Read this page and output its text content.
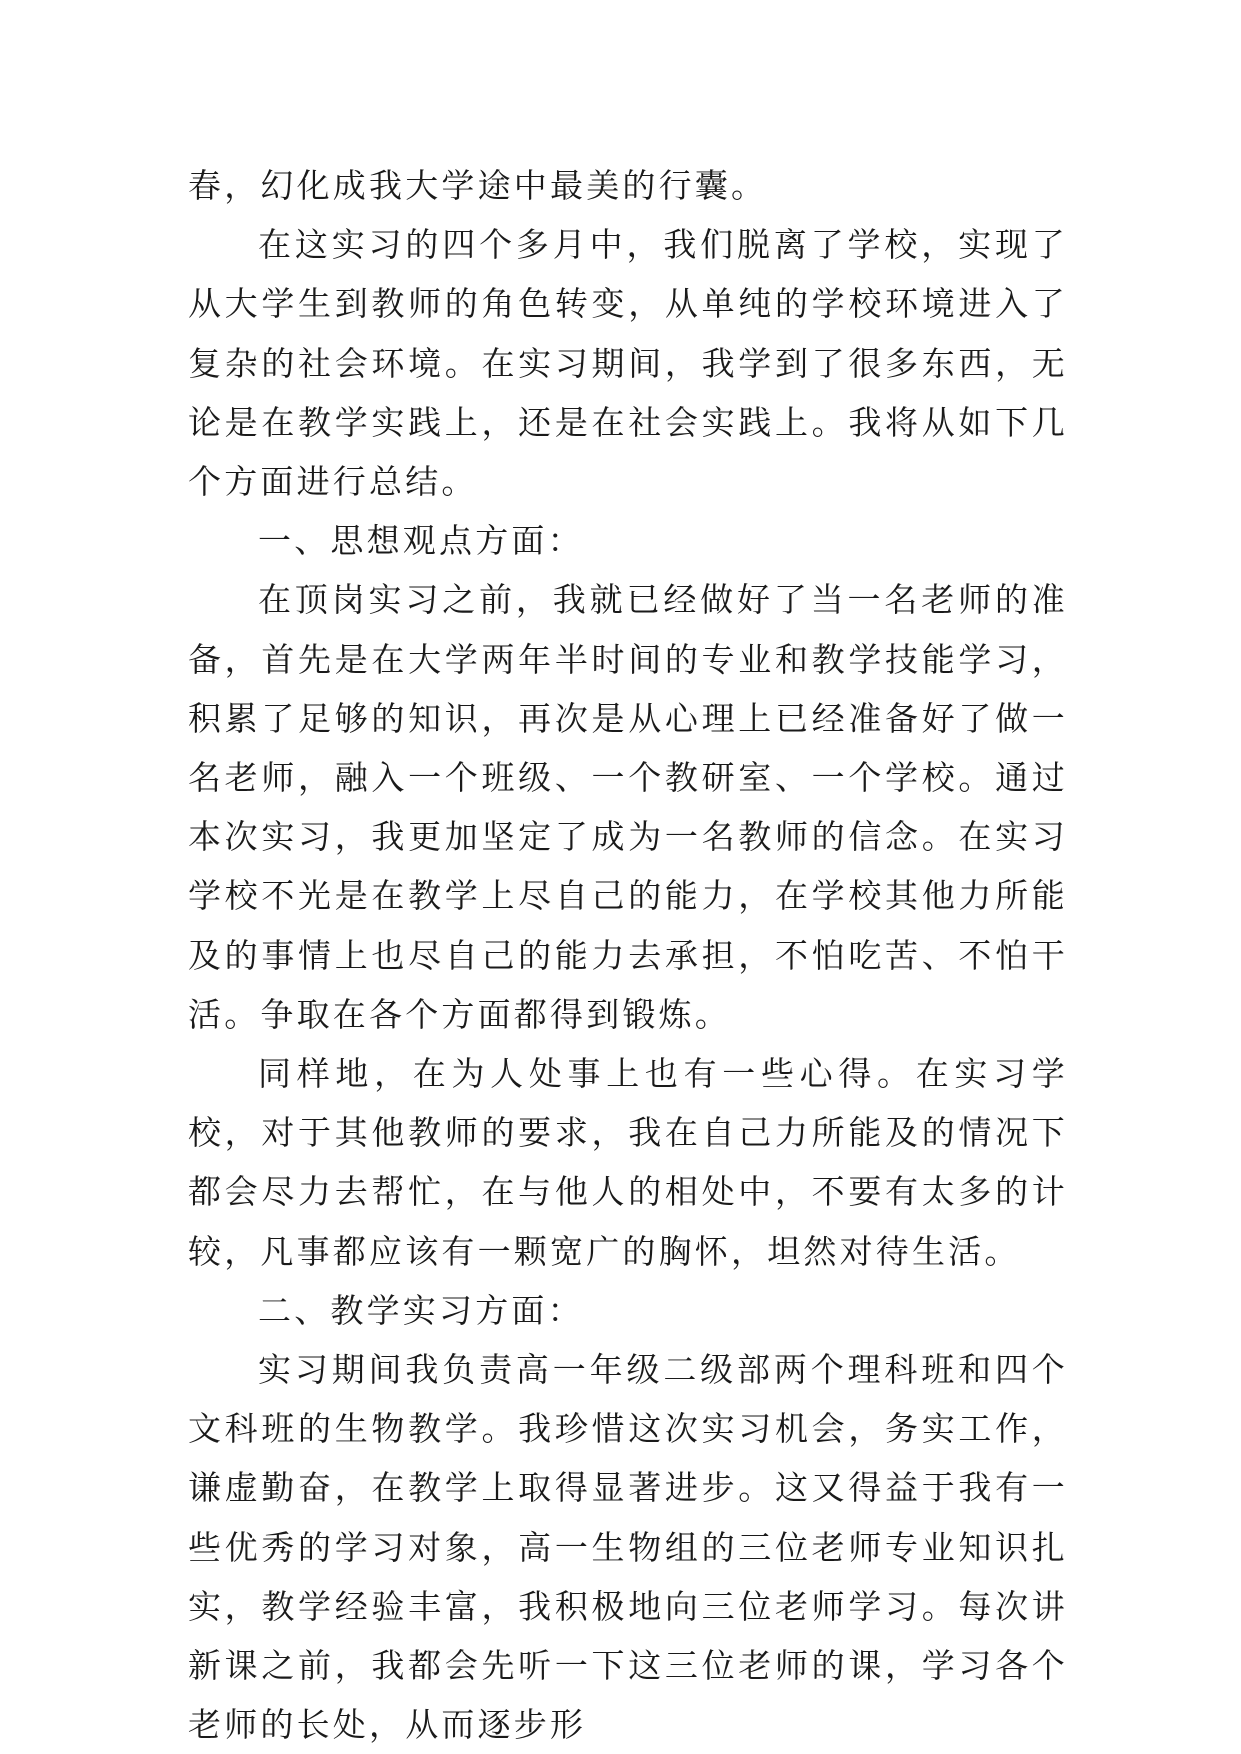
春，幻化成我大学途中最美的行囊。

在这实习的四个多月中，我们脱离了学校，实现了从大学生到教师的角色转变，从单纯的学校环境进入了复杂的社会环境。在实习期间，我学到了很多东西，无论是在教学实践上，还是在社会实践上。我将从如下几个方面进行总结。

一、思想观点方面：

在顶岗实习之前，我就已经做好了当一名老师的准备，首先是在大学两年半时间的专业和教学技能学习，积累了足够的知识，再次是从心理上已经准备好了做一名老师，融入一个班级、一个教研室、一个学校。通过本次实习，我更加坚定了成为一名教师的信念。在实习学校不光是在教学上尽自己的能力，在学校其他力所能及的事情上也尽自己的能力去承担，不怕吃苦、不怕干活。争取在各个方面都得到锻炼。

同样地，在为人处事上也有一些心得。在实习学校，对于其他教师的要求，我在自己力所能及的情况下都会尽力去帮忙，在与他人的相处中，不要有太多的计较，凡事都应该有一颗宽广的胸怀，坦然对待生活。

二、教学实习方面：

实习期间我负责高一年级二级部两个理科班和四个文科班的生物教学。我珍惜这次实习机会，务实工作，谦虚勤奋，在教学上取得显著进步。这又得益于我有一些优秀的学习对象，高一生物组的三位老师专业知识扎实，教学经验丰富，我积极地向三位老师学习。每次讲新课之前，我都会先听一下这三位老师的课，学习各个老师的长处，从而逐步形
